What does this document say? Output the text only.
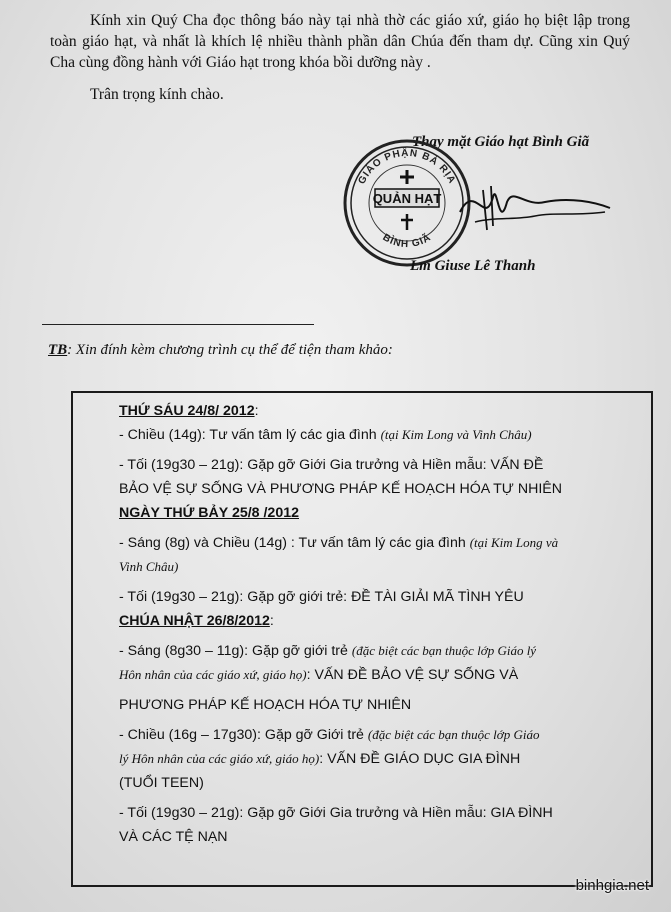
Kính xin Quý Cha đọc thông báo này tại nhà thờ các giáo xứ, giáo họ biệt lập trong toàn giáo hạt, và nhất là khích lệ nhiều thành phần dân Chúa đến tham dự. Cũng xin Quý Cha cùng đồng hành với Giáo hạt trong khóa bồi dưỡng này .

Trân trọng kính chào.
Thay mặt Giáo hạt Bình Giã
GIÁO PHẬN BÀ RỊA
BÌNH GIÃ
QUẢN HẠT
Lm Giuse Lê Thanh
TB: Xin đính kèm chương trình cụ thể để tiện tham khảo:
THỨ SÁU 24/8/ 2012:
- Chiều (14g): Tư vấn tâm lý các gia đình (tại Kim Long và Vinh Châu)
- Tối (19g30 – 21g): Gặp gỡ Giới Gia trưởng và Hiền mẫu: VẤN ĐỀ
BẢO VỆ SỰ SỐNG VÀ PHƯƠNG PHÁP KẾ HOẠCH HÓA TỰ NHIÊN
NGÀY THỨ BẢY 25/8 /2012
- Sáng (8g) và Chiều (14g) : Tư vấn tâm lý các gia đình (tại Kim Long và
Vinh Châu)
- Tối (19g30 – 21g): Gặp gỡ giới trẻ: ĐỀ TÀI GIẢI MÃ TÌNH YÊU
CHÚA NHẬT 26/8/2012:
- Sáng (8g30 – 11g): Gặp gỡ giới trẻ (đặc biệt các bạn thuộc lớp Giáo lý
Hôn nhân của các giáo xứ, giáo họ): VẤN ĐỀ BẢO VỆ SỰ SỐNG VÀ
PHƯƠNG PHÁP KẾ HOẠCH HÓA TỰ NHIÊN
- Chiều (16g – 17g30): Gặp gỡ Giới trẻ (đặc biệt các bạn thuộc lớp Giáo
lý Hôn nhân của các giáo xứ, giáo họ): VẤN ĐỀ GIÁO DỤC GIA ĐÌNH
(TUỔI TEEN)
- Tối (19g30 – 21g): Gặp gỡ Giới Gia trưởng và Hiền mẫu: GIA ĐÌNH
VÀ CÁC TỆ NẠN
binhgia.net
